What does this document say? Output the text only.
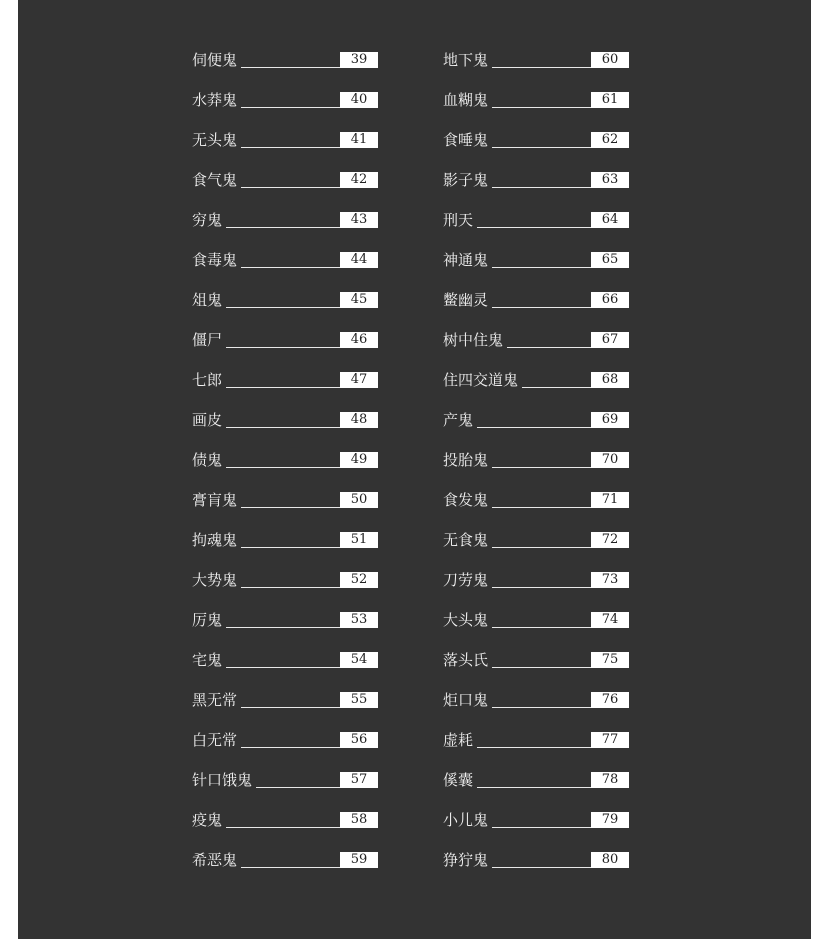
伺便鬼	39
水莽鬼	40
无头鬼	41
食气鬼	42
穷鬼	43
食毒鬼	44
俎鬼	45
僵尸	46
七郎	47
画皮	48
债鬼	49
膏肓鬼	50
拘魂鬼	51
大势鬼	52
厉鬼	53
宅鬼	54
黑无常	55
白无常	56
针口饿鬼	57
疫鬼	58
希恶鬼	59
地下鬼	60
血糊鬼	61
食唾鬼	62
影子鬼	63
刑天	64
神通鬼	65
鳖幽灵	66
树中住鬼	67
住四交道鬼	68
产鬼	69
投胎鬼	70
食发鬼	71
无食鬼	72
刀劳鬼	73
大头鬼	74
落头氏	75
炬口鬼	76
虚耗	77
傒囊	78
小儿鬼	79
狰狞鬼	80
